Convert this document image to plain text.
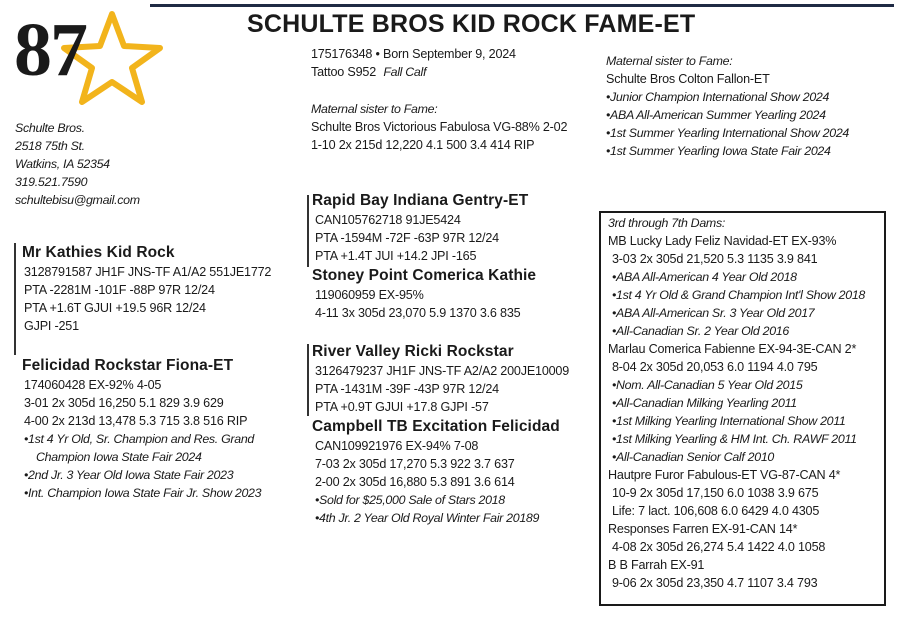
87	SCHULTE BROS KID ROCK FAME-ET
Schulte Bros.
2518 75th St.
Watkins, IA 52354
319.521.7590
schultebisu@gmail.com
175176348 • Born September 9, 2024
Tattoo S952 Fall Calf
Maternal sister to Fame:
Schulte Bros Victorious Fabulosa VG-88% 2-02
1-10 2x 215d 12,220 4.1 500 3.4 414 RIP
Maternal sister to Fame:
Schulte Bros Colton Fallon-ET
•Junior Champion International Show 2024
•ABA All-American Summer Yearling 2024
•1st Summer Yearling International Show 2024
•1st Summer Yearling Iowa State Fair 2024
Mr Kathies Kid Rock
3128791587 JH1F JNS-TF A1/A2 551JE1772
PTA -2281M -101F -88P 97R 12/24
PTA +1.6T GJUI +19.5 96R 12/24
GJPI -251
Felicidad Rockstar Fiona-ET
174060428 EX-92% 4-05
3-01 2x 305d 16,250 5.1 829 3.9 629
4-00 2x 213d 13,478 5.3 715 3.8 516 RIP
•1st 4 Yr Old, Sr. Champion and Res. Grand
Champion Iowa State Fair 2024
•2nd Jr. 3 Year Old Iowa State Fair 2023
•Int. Champion Iowa State Fair Jr. Show 2023
Rapid Bay Indiana Gentry-ET
CAN105762718 91JE5424
PTA -1594M -72F -63P 97R 12/24
PTA +1.4T JUI +14.2 JPI -165
Stoney Point Comerica Kathie
119060959 EX-95%
4-11 3x 305d 23,070 5.9 1370 3.6 835
River Valley Ricki Rockstar
3126479237 JH1F JNS-TF A2/A2 200JE10009
PTA -1431M -39F -43P 97R 12/24
PTA +0.9T GJUI +17.8 GJPI -57
Campbell TB Excitation Felicidad
CAN109921976 EX-94% 7-08
7-03 2x 305d 17,270 5.3 922 3.7 637
2-00 2x 305d 16,880 5.3 891 3.6 614
•Sold for $25,000 Sale of Stars 2018
•4th Jr. 2 Year Old Royal Winter Fair 20189
3rd through 7th Dams:
MB Lucky Lady Feliz Navidad-ET EX-93%
3-03 2x 305d 21,520 5.3 1135 3.9 841
•ABA All-American 4 Year Old 2018
•1st 4 Yr Old & Grand Champion Int'l Show 2018
•ABA All-American Sr. 3 Year Old 2017
•All-Canadian Sr. 2 Year Old 2016
Marlau Comerica Fabienne EX-94-3E-CAN 2*
8-04 2x 305d 20,053 6.0 1194 4.0 795
•Nom. All-Canadian 5 Year Old 2015
•All-Canadian Milking Yearling 2011
•1st Milking Yearling International Show 2011
•1st Milking Yearling & HM Int. Ch. RAWF 2011
•All-Canadian Senior Calf 2010
Hautpre Furor Fabulous-ET VG-87-CAN 4*
10-9 2x 305d 17,150 6.0 1038 3.9 675
Life: 7 lact. 106,608 6.0 6429 4.0 4305
Responses Farren EX-91-CAN 14*
4-08 2x 305d 26,274 5.4 1422 4.0 1058
B B Farrah EX-91
9-06 2x 305d 23,350 4.7 1107 3.4 793
